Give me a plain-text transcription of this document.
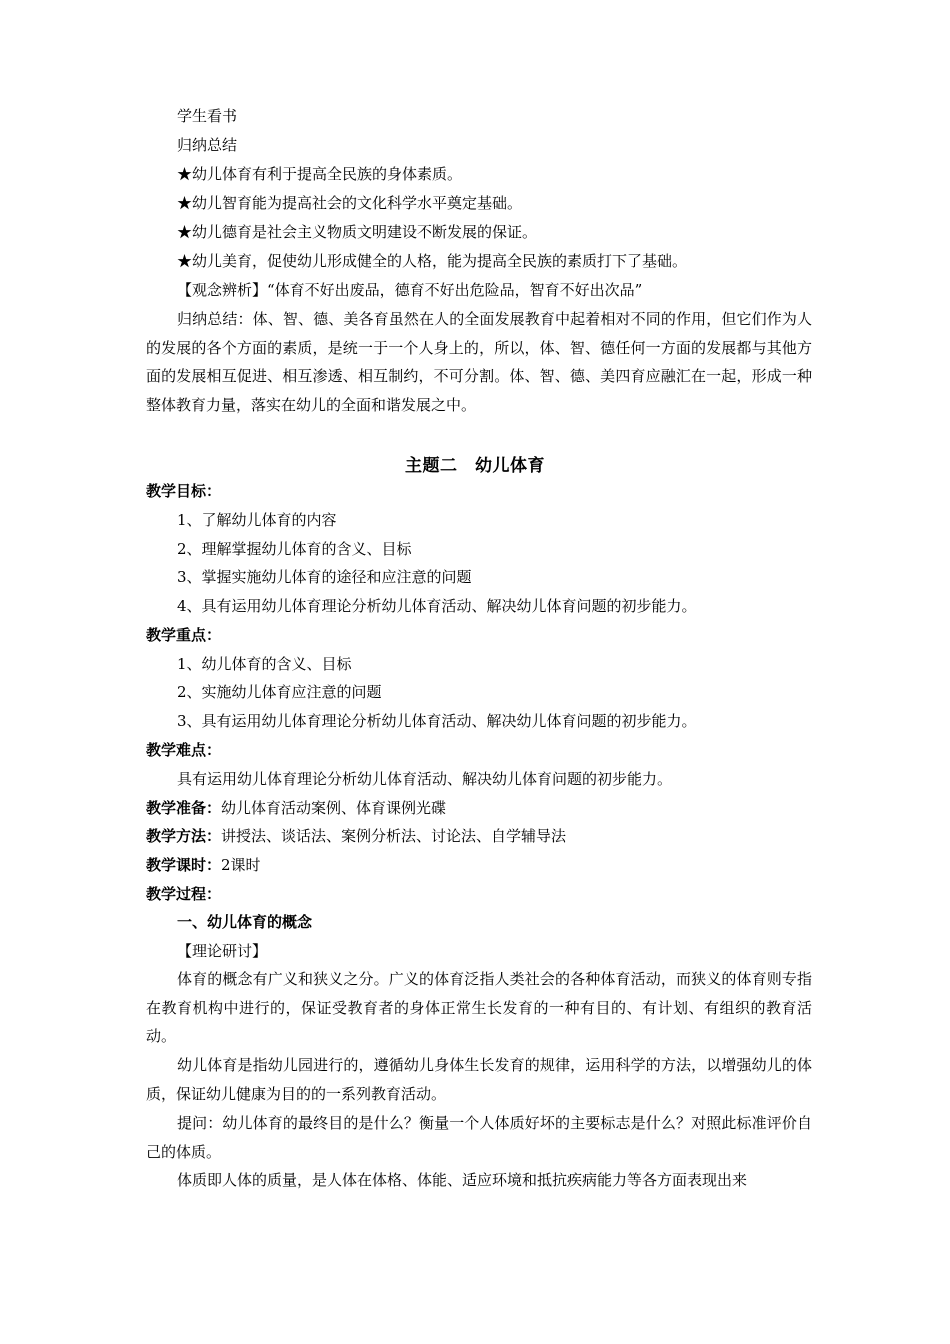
学生看书
归纳总结
★幼儿体育有利于提高全民族的身体素质。
★幼儿智育能为提高社会的文化科学水平奠定基础。
★幼儿德育是社会主义物质文明建设不断发展的保证。
★幼儿美育，促使幼儿形成健全的人格，能为提高全民族的素质打下了基础。
【观念辨析】“体育不好出废品，德育不好出危险品，智育不好出次品”
归纳总结：体、智、德、美各育虽然在人的全面发展教育中起着相对不同的作用，但它们作为人的发展的各个方面的素质，是统一于一个人身上的，所以，体、智、德任何一方面的发展都与其他方面的发展相互促进、相互渗透、相互制约，不可分割。体、智、德、美四育应融汇在一起，形成一种整体教育力量，落实在幼儿的全面和谐发展之中。
主题二　幼儿体育
教学目标：
1、了解幼儿体育的内容
2、理解掌握幼儿体育的含义、目标
3、掌握实施幼儿体育的途径和应注意的问题
4、具有运用幼儿体育理论分析幼儿体育活动、解决幼儿体育问题的初步能力。
教学重点：
1、幼儿体育的含义、目标
2、实施幼儿体育应注意的问题
3、具有运用幼儿体育理论分析幼儿体育活动、解决幼儿体育问题的初步能力。
教学难点：
具有运用幼儿体育理论分析幼儿体育活动、解决幼儿体育问题的初步能力。
教学准备：幼儿体育活动案例、体育课例光碟
教学方法：讲授法、谈话法、案例分析法、讨论法、自学辅导法
教学课时：2课时
教学过程：
一、幼儿体育的概念
【理论研讨】
体育的概念有广义和狭义之分。广义的体育泛指人类社会的各种体育活动，而狭义的体育则专指在教育机构中进行的，保证受教育者的身体正常生长发育的一种有目的、有计划、有组织的教育活动。
幼儿体育是指幼儿园进行的，遵循幼儿身体生长发育的规律，运用科学的方法，以增强幼儿的体质，保证幼儿健康为目的的一系列教育活动。
提问：幼儿体育的最终目的是什么？衡量一个人体质好坏的主要标志是什么？对照此标准评价自己的体质。
体质即人体的质量，是人体在体格、体能、适应环境和抵抗疾病能力等各方面表现出来
